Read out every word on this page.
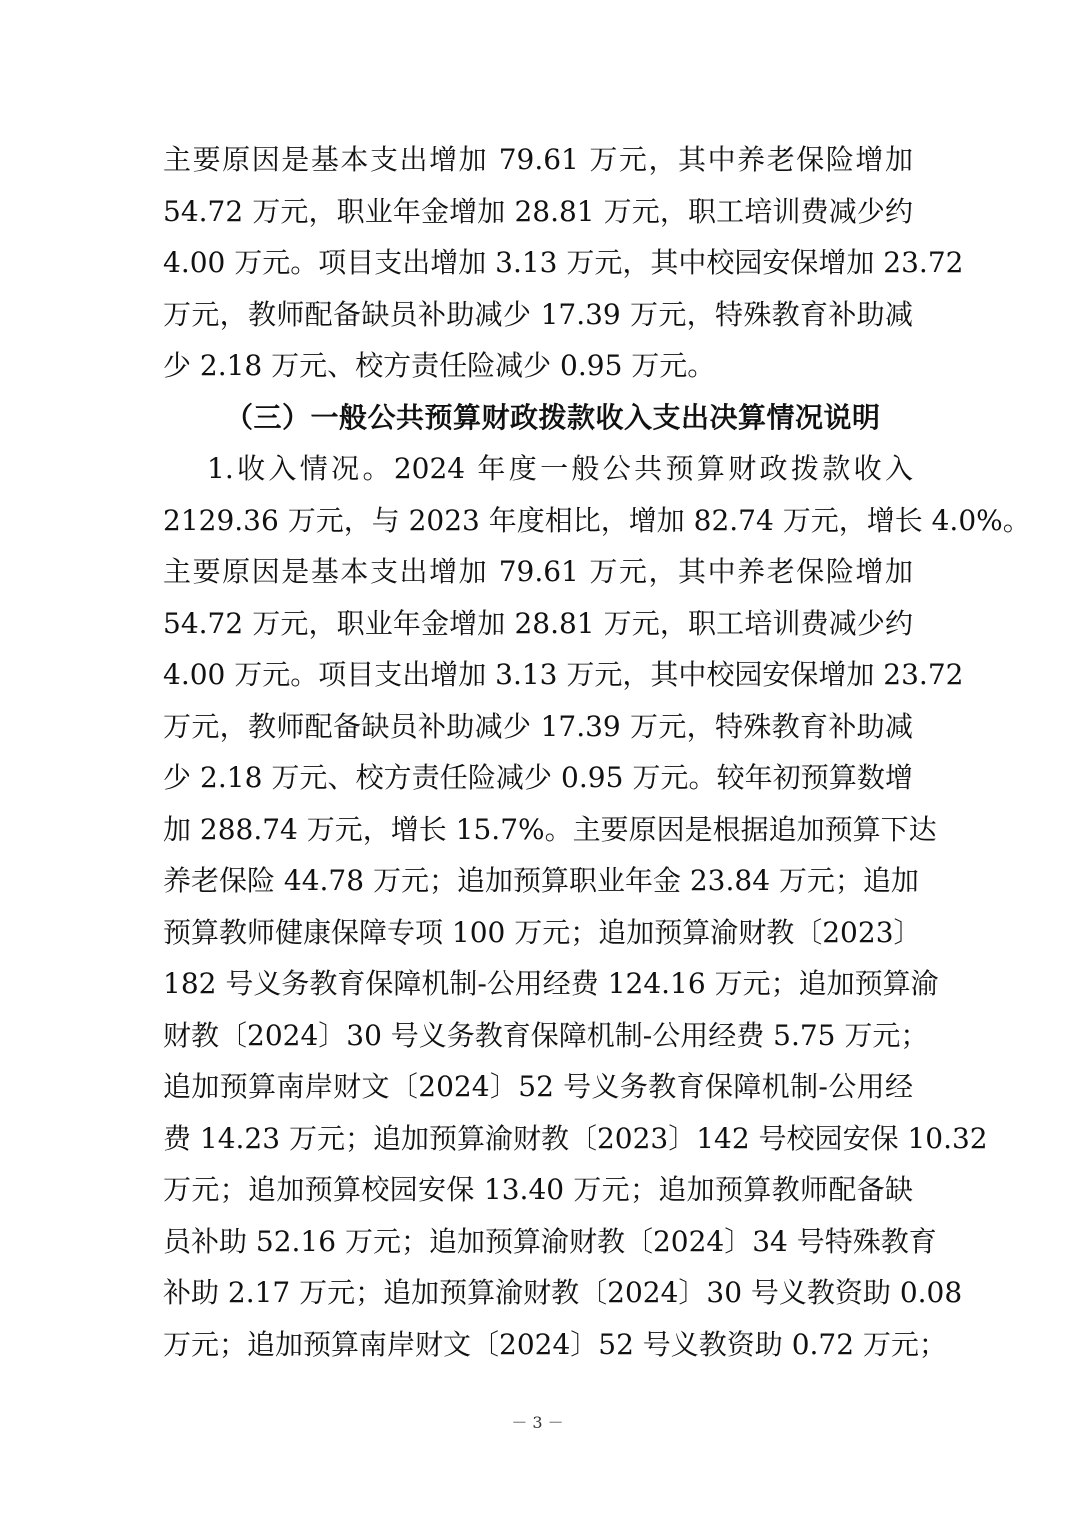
主要原因是基本支出增加 79.61 万元，其中养老保险增加
54.72 万元，职业年金增加 28.81 万元，职工培训费减少约
4.00 万元。项目支出增加 3.13 万元，其中校园安保增加 23.72
万元，教师配备缺员补助减少 17.39 万元，特殊教育补助减
少 2.18 万元、校方责任险减少 0.95 万元。
（三）一般公共预算财政拨款收入支出决算情况说明
1.收入情况。2024 年度一般公共预算财政拨款收入
2129.36 万元，与 2023 年度相比，增加 82.74 万元，增长 4.0%。
主要原因是基本支出增加 79.61 万元，其中养老保险增加
54.72 万元，职业年金增加 28.81 万元，职工培训费减少约
4.00 万元。项目支出增加 3.13 万元，其中校园安保增加 23.72
万元，教师配备缺员补助减少 17.39 万元，特殊教育补助减
少 2.18 万元、校方责任险减少 0.95 万元。较年初预算数增
加 288.74 万元，增长 15.7%。主要原因是根据追加预算下达
养老保险 44.78 万元；追加预算职业年金 23.84 万元；追加
预算教师健康保障专项 100 万元；追加预算渝财教〔2023〕
182 号义务教育保障机制-公用经费 124.16 万元；追加预算渝
财教〔2024〕30 号义务教育保障机制-公用经费 5.75 万元；
追加预算南岸财文〔2024〕52 号义务教育保障机制-公用经
费 14.23 万元；追加预算渝财教〔2023〕142 号校园安保 10.32
万元；追加预算校园安保 13.40 万元；追加预算教师配备缺
员补助 52.16 万元；追加预算渝财教〔2024〕34 号特殊教育
补助 2.17 万元；追加预算渝财教〔2024〕30 号义教资助 0.08
万元；追加预算南岸财文〔2024〕52 号义教资助 0.72 万元；
－ 3 －
